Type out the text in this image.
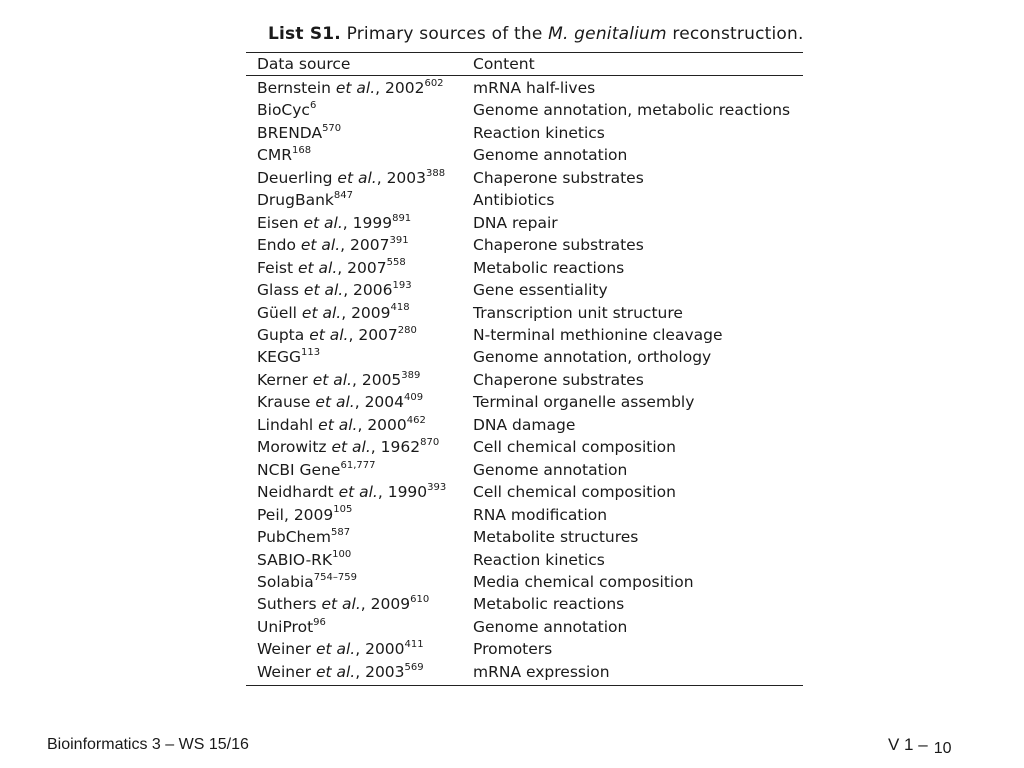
List S1. Primary sources of the M. genitalium reconstruction.
Data source	Content
Bernstein et al., 2002$^{602}$	mRNA half-lives
BioCyc$^6$	Genome annotation, metabolic reactions
BRENDA$^{570}$	Reaction kinetics
CMR$^{168}$	Genome annotation
Deuerling et al., 2003$^{388}$	Chaperone substrates
DrugBank$^{847}$	Antibiotics
Eisen et al., 1999$^{891}$	DNA repair
Endo et al., 2007$^{391}$	Chaperone substrates
Feist et al., 2007$^{558}$	Metabolic reactions
Glass et al., 2006$^{193}$	Gene essentiality
Güell et al., 2009$^{418}$	Transcription unit structure
Gupta et al., 2007$^{280}$	N-terminal methionine cleavage
KEGG$^{113}$	Genome annotation, orthology
Kerner et al., 2005$^{389}$	Chaperone substrates
Krause et al., 2004$^{409}$	Terminal organelle assembly
Lindahl et al., 2000$^{462}$	DNA damage
Morowitz et al., 1962$^{870}$	Cell chemical composition
NCBI Gene$^{61,777}$	Genome annotation
Neidhardt et al., 1990$^{393}$	Cell chemical composition
Peil, 2009$^{105}$	RNA modification
PubChem$^{587}$	Metabolite structures
SABIO-RK$^{100}$	Reaction kinetics
Solabia$^{754-759}$	Media chemical composition
Suthers et al., 2009$^{610}$	Metabolic reactions
UniProt$^{96}$	Genome annotation
Weiner et al., 2000$^{411}$	Promoters
Weiner et al., 2003$^{569}$	mRNA expression
Bioinformatics 3 – WS 15/16	V 1 – 10
